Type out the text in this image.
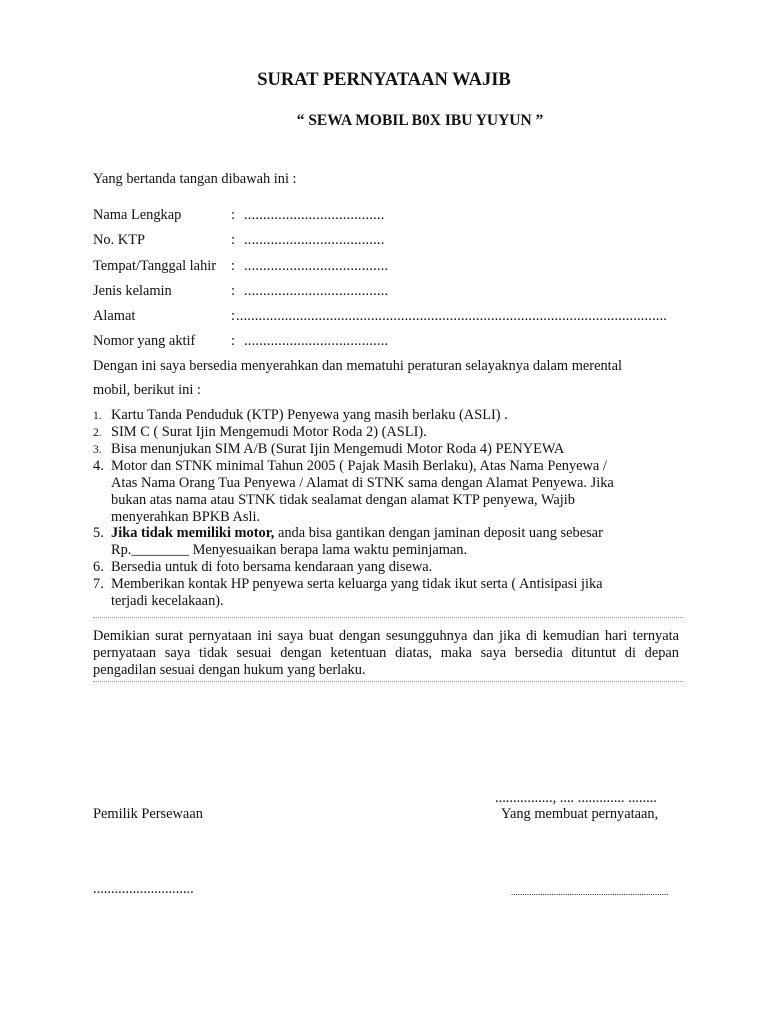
SURAT PERNYATAAN WAJIB
“ SEWA MOBIL B0X IBU YUYUN ”
Yang bertanda tangan dibawah ini :
Nama Lengkap	: .....................................
No. KTP	: .....................................
Tempat/Tanggal lahir : ......................................
Jenis kelamin	: ......................................
Alamat	: ...................................................................................................................
Nomor yang aktif : ......................................
Dengan ini saya bersedia menyerahkan dan mematuhi peraturan selayaknya dalam merental
mobil, berikut ini :
1. Kartu Tanda Penduduk (KTP) Penyewa yang masih berlaku (ASLI) .
2. SIM C ( Surat Ijin Mengemudi Motor Roda 2) (ASLI).
3. Bisa menunjukan SIM A/B (Surat Ijin Mengemudi Motor Roda 4) PENYEWA
4. Motor dan STNK minimal Tahun 2005 ( Pajak Masih Berlaku), Atas Nama Penyewa /
Atas Nama Orang Tua Penyewa / Alamat di STNK sama dengan Alamat Penyewa. Jika
bukan atas nama atau STNK tidak sealamat dengan alamat KTP penyewa, Wajib
menyerahkan BPKB Asli.
5. Jika tidak memiliki motor, anda bisa gantikan dengan jaminan deposit uang sebesar
Rp.________ Menyesuaikan berapa lama waktu peminjaman.
6. Bersedia untuk di foto bersama kendaraan yang disewa.
7. Memberikan kontak HP penyewa serta keluarga yang tidak ikut serta ( Antisipasi jika
terjadi kecelakaan).
Demikian surat pernyataan ini saya buat dengan sesungguhnya dan jika di kemudian hari ternyata pernyataan saya tidak sesuai dengan ketentuan diatas, maka saya bersedia dituntut di depan pengadilan sesuai dengan hukum yang berlaku.
................, .... ............. ........
Pemilik Persewaan	Yang membuat pernyataan,
............................	......................................................................
